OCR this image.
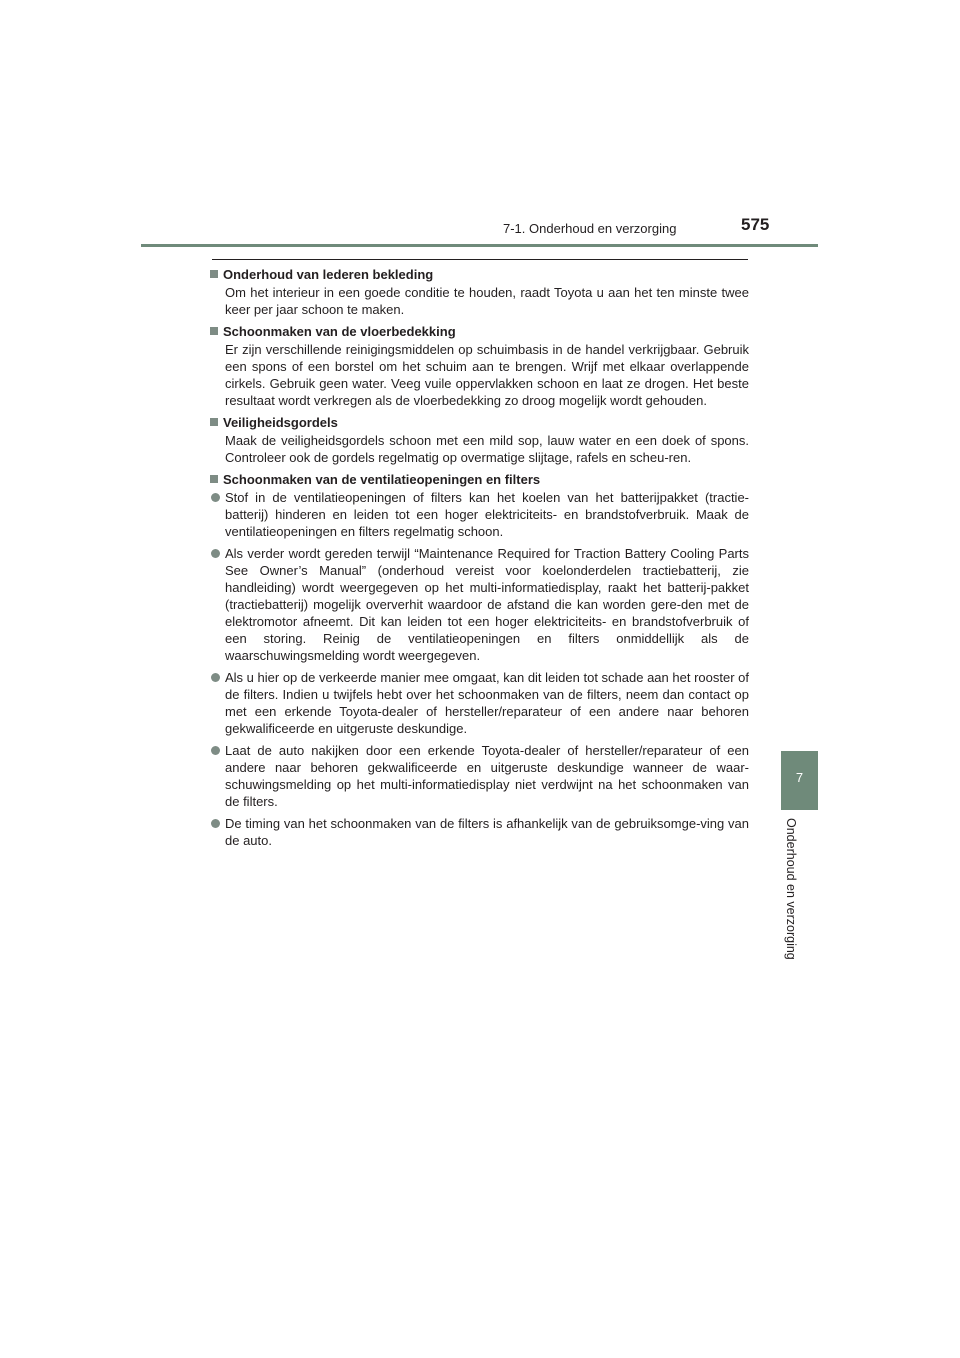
7-1. Onderhoud en verzorging	575
7
Onderhoud en verzorging
Onderhoud van lederen bekleding

Om het interieur in een goede conditie te houden, raadt Toyota u aan het ten minste twee keer per jaar schoon te maken.

Schoonmaken van de vloerbedekking

Er zijn verschillende reinigingsmiddelen op schuimbasis in de handel verkrijgbaar. Gebruik een spons of een borstel om het schuim aan te brengen. Wrijf met elkaar overlappende cirkels. Gebruik geen water. Veeg vuile oppervlakken schoon en laat ze drogen. Het beste resultaat wordt verkregen als de vloerbedekking zo droog mogelijk wordt gehouden.

Veiligheidsgordels

Maak de veiligheidsgordels schoon met een mild sop, lauw water en een doek of spons. Controleer ook de gordels regelmatig op overmatige slijtage, rafels en scheu-ren.

Schoonmaken van de ventilatieopeningen en filters
Stof in de ventilatieopeningen of filters kan het koelen van het batterijpakket (tractie-batterij) hinderen en leiden tot een hoger elektriciteits- en brandstofverbruik. Maak de ventilatieopeningen en filters regelmatig schoon.
Als verder wordt gereden terwijl “Maintenance Required for Traction Battery Cooling Parts See Owner’s Manual” (onderhoud vereist voor koelonderdelen tractiebatterij, zie handleiding) wordt weergegeven op het multi-informatiedisplay, raakt het batterij-pakket (tractiebatterij) mogelijk oververhit waardoor de afstand die kan worden gere-den met de elektromotor afneemt. Dit kan leiden tot een hoger elektriciteits- en brandstofverbruik of een storing. Reinig de ventilatieopeningen en filters onmiddellijk als de waarschuwingsmelding wordt weergegeven.
Als u hier op de verkeerde manier mee omgaat, kan dit leiden tot schade aan het rooster of de filters. Indien u twijfels hebt over het schoonmaken van de filters, neem dan contact op met een erkende Toyota-dealer of hersteller/reparateur of een andere naar behoren gekwalificeerde en uitgeruste deskundige.
Laat de auto nakijken door een erkende Toyota-dealer of hersteller/reparateur of een andere naar behoren gekwalificeerde en uitgeruste deskundige wanneer de waar-schuwingsmelding op het multi-informatiedisplay niet verdwijnt na het schoonmaken van de filters.
De timing van het schoonmaken van de filters is afhankelijk van de gebruiksomge-ving van de auto.
